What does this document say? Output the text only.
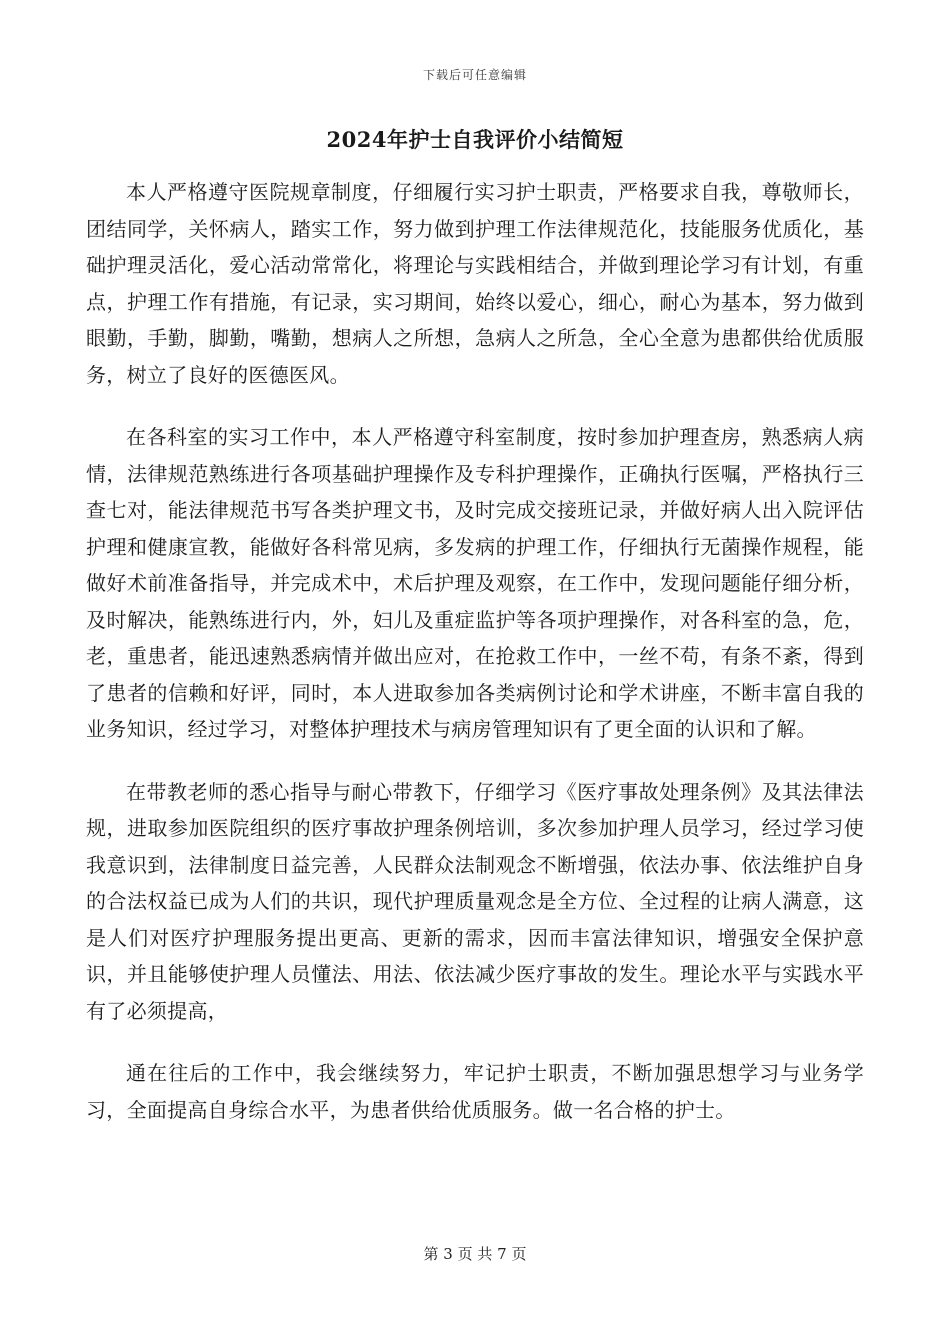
下载后可任意编辑
2024年护士自我评价小结简短

本人严格遵守医院规章制度，仔细履行实习护士职责，严格要求自我，尊敬师长，团结同学，关怀病人，踏实工作，努力做到护理工作法律规范化，技能服务优质化，基础护理灵活化，爱心活动常常化，将理论与实践相结合，并做到理论学习有计划，有重点，护理工作有措施，有记录，实习期间，始终以爱心，细心，耐心为基本，努力做到眼勤，手勤，脚勤，嘴勤，想病人之所想，急病人之所急，全心全意为患都供给优质服务，树立了良好的医德医风。

在各科室的实习工作中，本人严格遵守科室制度，按时参加护理查房，熟悉病人病情，法律规范熟练进行各项基础护理操作及专科护理操作，正确执行医嘱，严格执行三查七对，能法律规范书写各类护理文书，及时完成交接班记录，并做好病人出入院评估护理和健康宣教，能做好各科常见病，多发病的护理工作，仔细执行无菌操作规程，能做好术前准备指导，并完成术中，术后护理及观察，在工作中，发现问题能仔细分析，及时解决，能熟练进行内，外，妇儿及重症监护等各项护理操作，对各科室的急，危，老，重患者，能迅速熟悉病情并做出应对，在抢救工作中，一丝不苟，有条不紊，得到了患者的信赖和好评，同时，本人进取参加各类病例讨论和学术讲座，不断丰富自我的业务知识，经过学习，对整体护理技术与病房管理知识有了更全面的认识和了解。

在带教老师的悉心指导与耐心带教下，仔细学习《医疗事故处理条例》及其法律法规，进取参加医院组织的医疗事故护理条例培训，多次参加护理人员学习，经过学习使我意识到，法律制度日益完善，人民群众法制观念不断增强，依法办事、依法维护自身的合法权益已成为人们的共识，现代护理质量观念是全方位、全过程的让病人满意，这是人们对医疗护理服务提出更高、更新的需求，因而丰富法律知识，增强安全保护意识，并且能够使护理人员懂法、用法、依法减少医疗事故的发生。理论水平与实践水平有了必须提高，

通在往后的工作中，我会继续努力，牢记护士职责，不断加强思想学习与业务学习，全面提高自身综合水平，为患者供给优质服务。做一名合格的护士。

第 3 页 共 7 页
